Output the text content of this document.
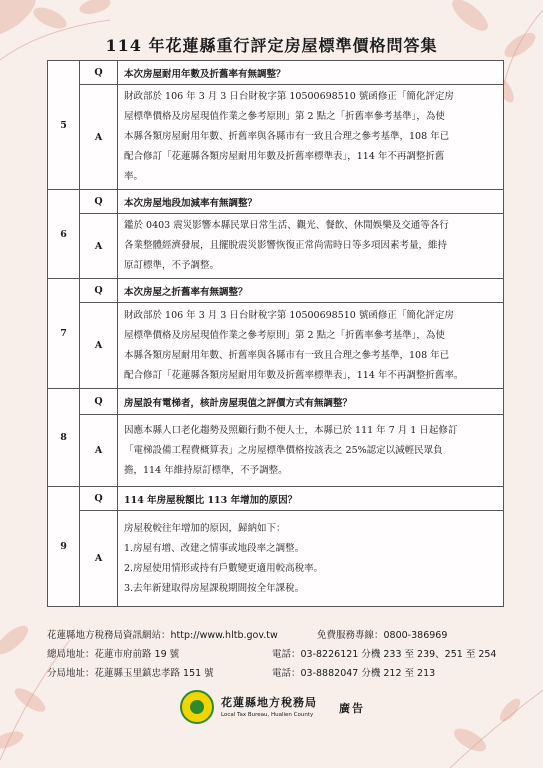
114 年花蓮縣重行評定房屋標準價格問答集
5	Q	本次房屋耐用年數及折舊率有無調整？
	A	財政部於 106 年 3 月 3 日台財稅字第 10500698510 號函修正「簡化評定房
屋標準價格及房屋現值作業之參考原則」第 2 點之「折舊率參考基準」，為使
本縣各類房屋耐用年數、折舊率與各縣市有一致且合理之參考基準，108 年已
配合修訂「花蓮縣各類房屋耐用年數及折舊率標準表」，114 年不再調整折舊
率。

6	Q	本次房屋地段加減率有無調整？
	A	鑑於 0403 震災影響本縣民眾日常生活、觀光、餐飲、休閒娛樂及交通等各行
各業整體經濟發展，且擺脫震災影響恢復正常尚需時日等多項因素考量，維持
原訂標準，不予調整。

7	Q	本次房屋之折舊率有無調整？
	A	財政部於 106 年 3 月 3 日台財稅字第 10500698510 號函修正「簡化評定房
屋標準價格及房屋現值作業之參考原則」第 2 點之「折舊率參考基準」，為使
本縣各類房屋耐用年數、折舊率與各縣市有一致且合理之參考基準，108 年已
配合修訂「花蓮縣各類房屋耐用年數及折舊率標準表」，114 年不再調整折舊率。

8	Q	房屋設有電梯者，核計房屋現值之評價方式有無調整？
	A	因應本縣人口老化趨勢及照顧行動不便人士，本縣已於 111 年 7 月 1 日起修訂
「電梯設備工程費概算表」之房屋標準價格按該表之 25%認定以減輕民眾負
擔，114 年維持原訂標準，不予調整。

9	Q	114 年房屋稅額比 113 年增加的原因？
	A	房屋稅較往年增加的原因，歸納如下：
1.房屋有增、改建之情事或地段率之調整。
2.房屋使用情形或持有戶數變更適用較高稅率。
3.去年新建取得房屋課稅期間按全年課稅。
花蓮縣地方稅務局資訊網站：http://www.hltb.gov.tw	免費服務專線：0800-386969
總局地址：花蓮市府前路 19 號	電話：03-8226121 分機 233 至 239、251 至 254
分局地址：花蓮縣玉里鎮忠孝路 151 號	電話：03-8882047 分機 212 至 213
花蓮縣地方稅務局
Local Tax Bureau, Hualien County 廣告
